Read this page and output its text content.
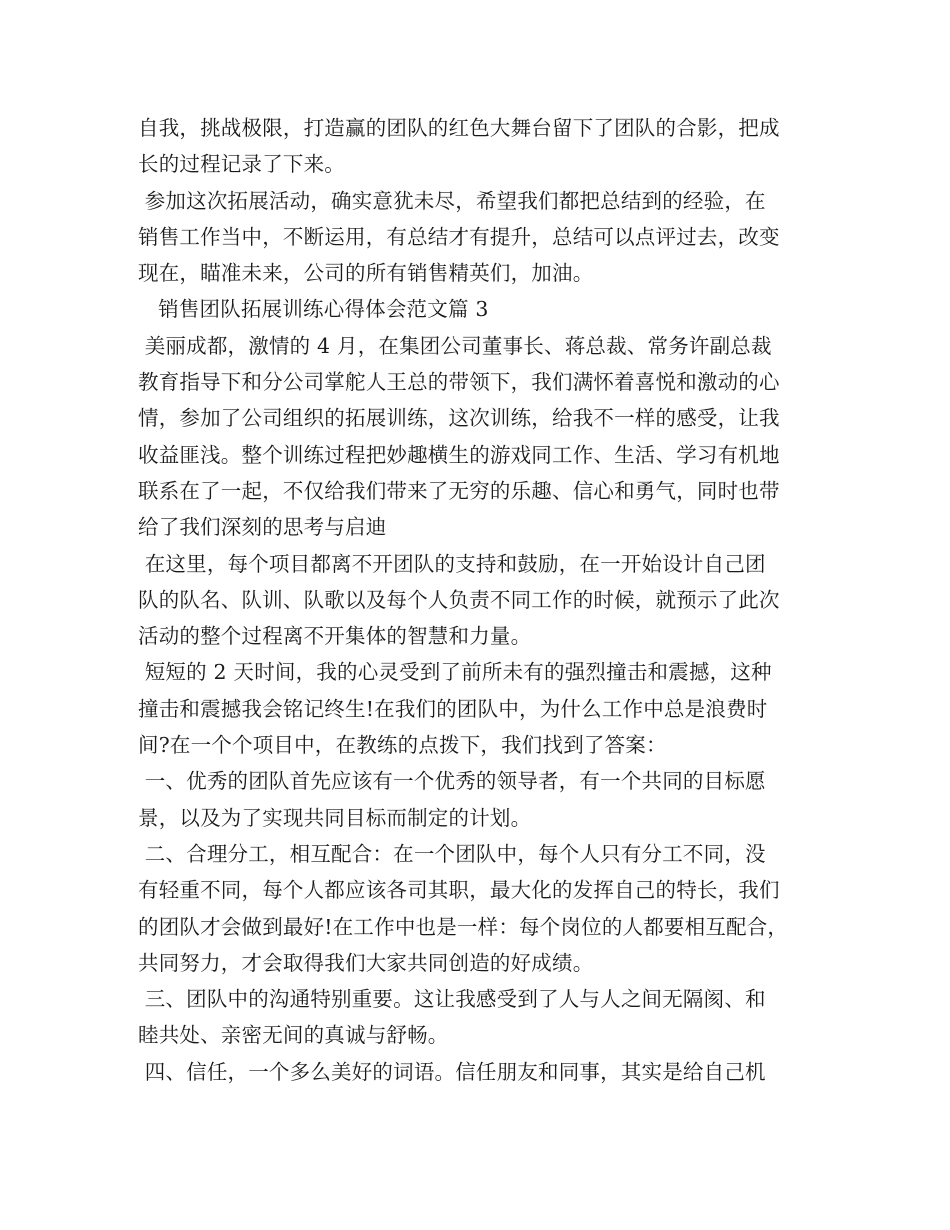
自我，挑战极限，打造赢的团队的红色大舞台留下了团队的合影，把成
长的过程记录了下来。
参加这次拓展活动，确实意犹未尽，希望我们都把总结到的经验，在
销售工作当中，不断运用，有总结才有提升，总结可以点评过去，改变
现在，瞄准未来，公司的所有销售精英们，加油。
销售团队拓展训练心得体会范文篇 3
美丽成都，激情的 4 月，在集团公司董事长、蒋总裁、常务许副总裁
教育指导下和分公司掌舵人王总的带领下，我们满怀着喜悦和激动的心
情，参加了公司组织的拓展训练，这次训练，给我不一样的感受，让我
收益匪浅。整个训练过程把妙趣横生的游戏同工作、生活、学习有机地
联系在了一起，不仅给我们带来了无穷的乐趣、信心和勇气，同时也带
给了我们深刻的思考与启迪
在这里，每个项目都离不开团队的支持和鼓励，在一开始设计自己团
队的队名、队训、队歌以及每个人负责不同工作的时候，就预示了此次
活动的整个过程离不开集体的智慧和力量。
短短的 2 天时间，我的心灵受到了前所未有的强烈撞击和震撼，这种
撞击和震撼我会铭记终生!在我们的团队中，为什么工作中总是浪费时
间?在一个个项目中，在教练的点拨下，我们找到了答案：
一、优秀的团队首先应该有一个优秀的领导者，有一个共同的目标愿
景，以及为了实现共同目标而制定的计划。
二、合理分工，相互配合：在一个团队中，每个人只有分工不同，没
有轻重不同，每个人都应该各司其职，最大化的发挥自己的特长，我们
的团队才会做到最好!在工作中也是一样：每个岗位的人都要相互配合，
共同努力，才会取得我们大家共同创造的好成绩。
三、团队中的沟通特别重要。这让我感受到了人与人之间无隔阂、和
睦共处、亲密无间的真诚与舒畅。
四、信任，一个多么美好的词语。信任朋友和同事，其实是给自己机
